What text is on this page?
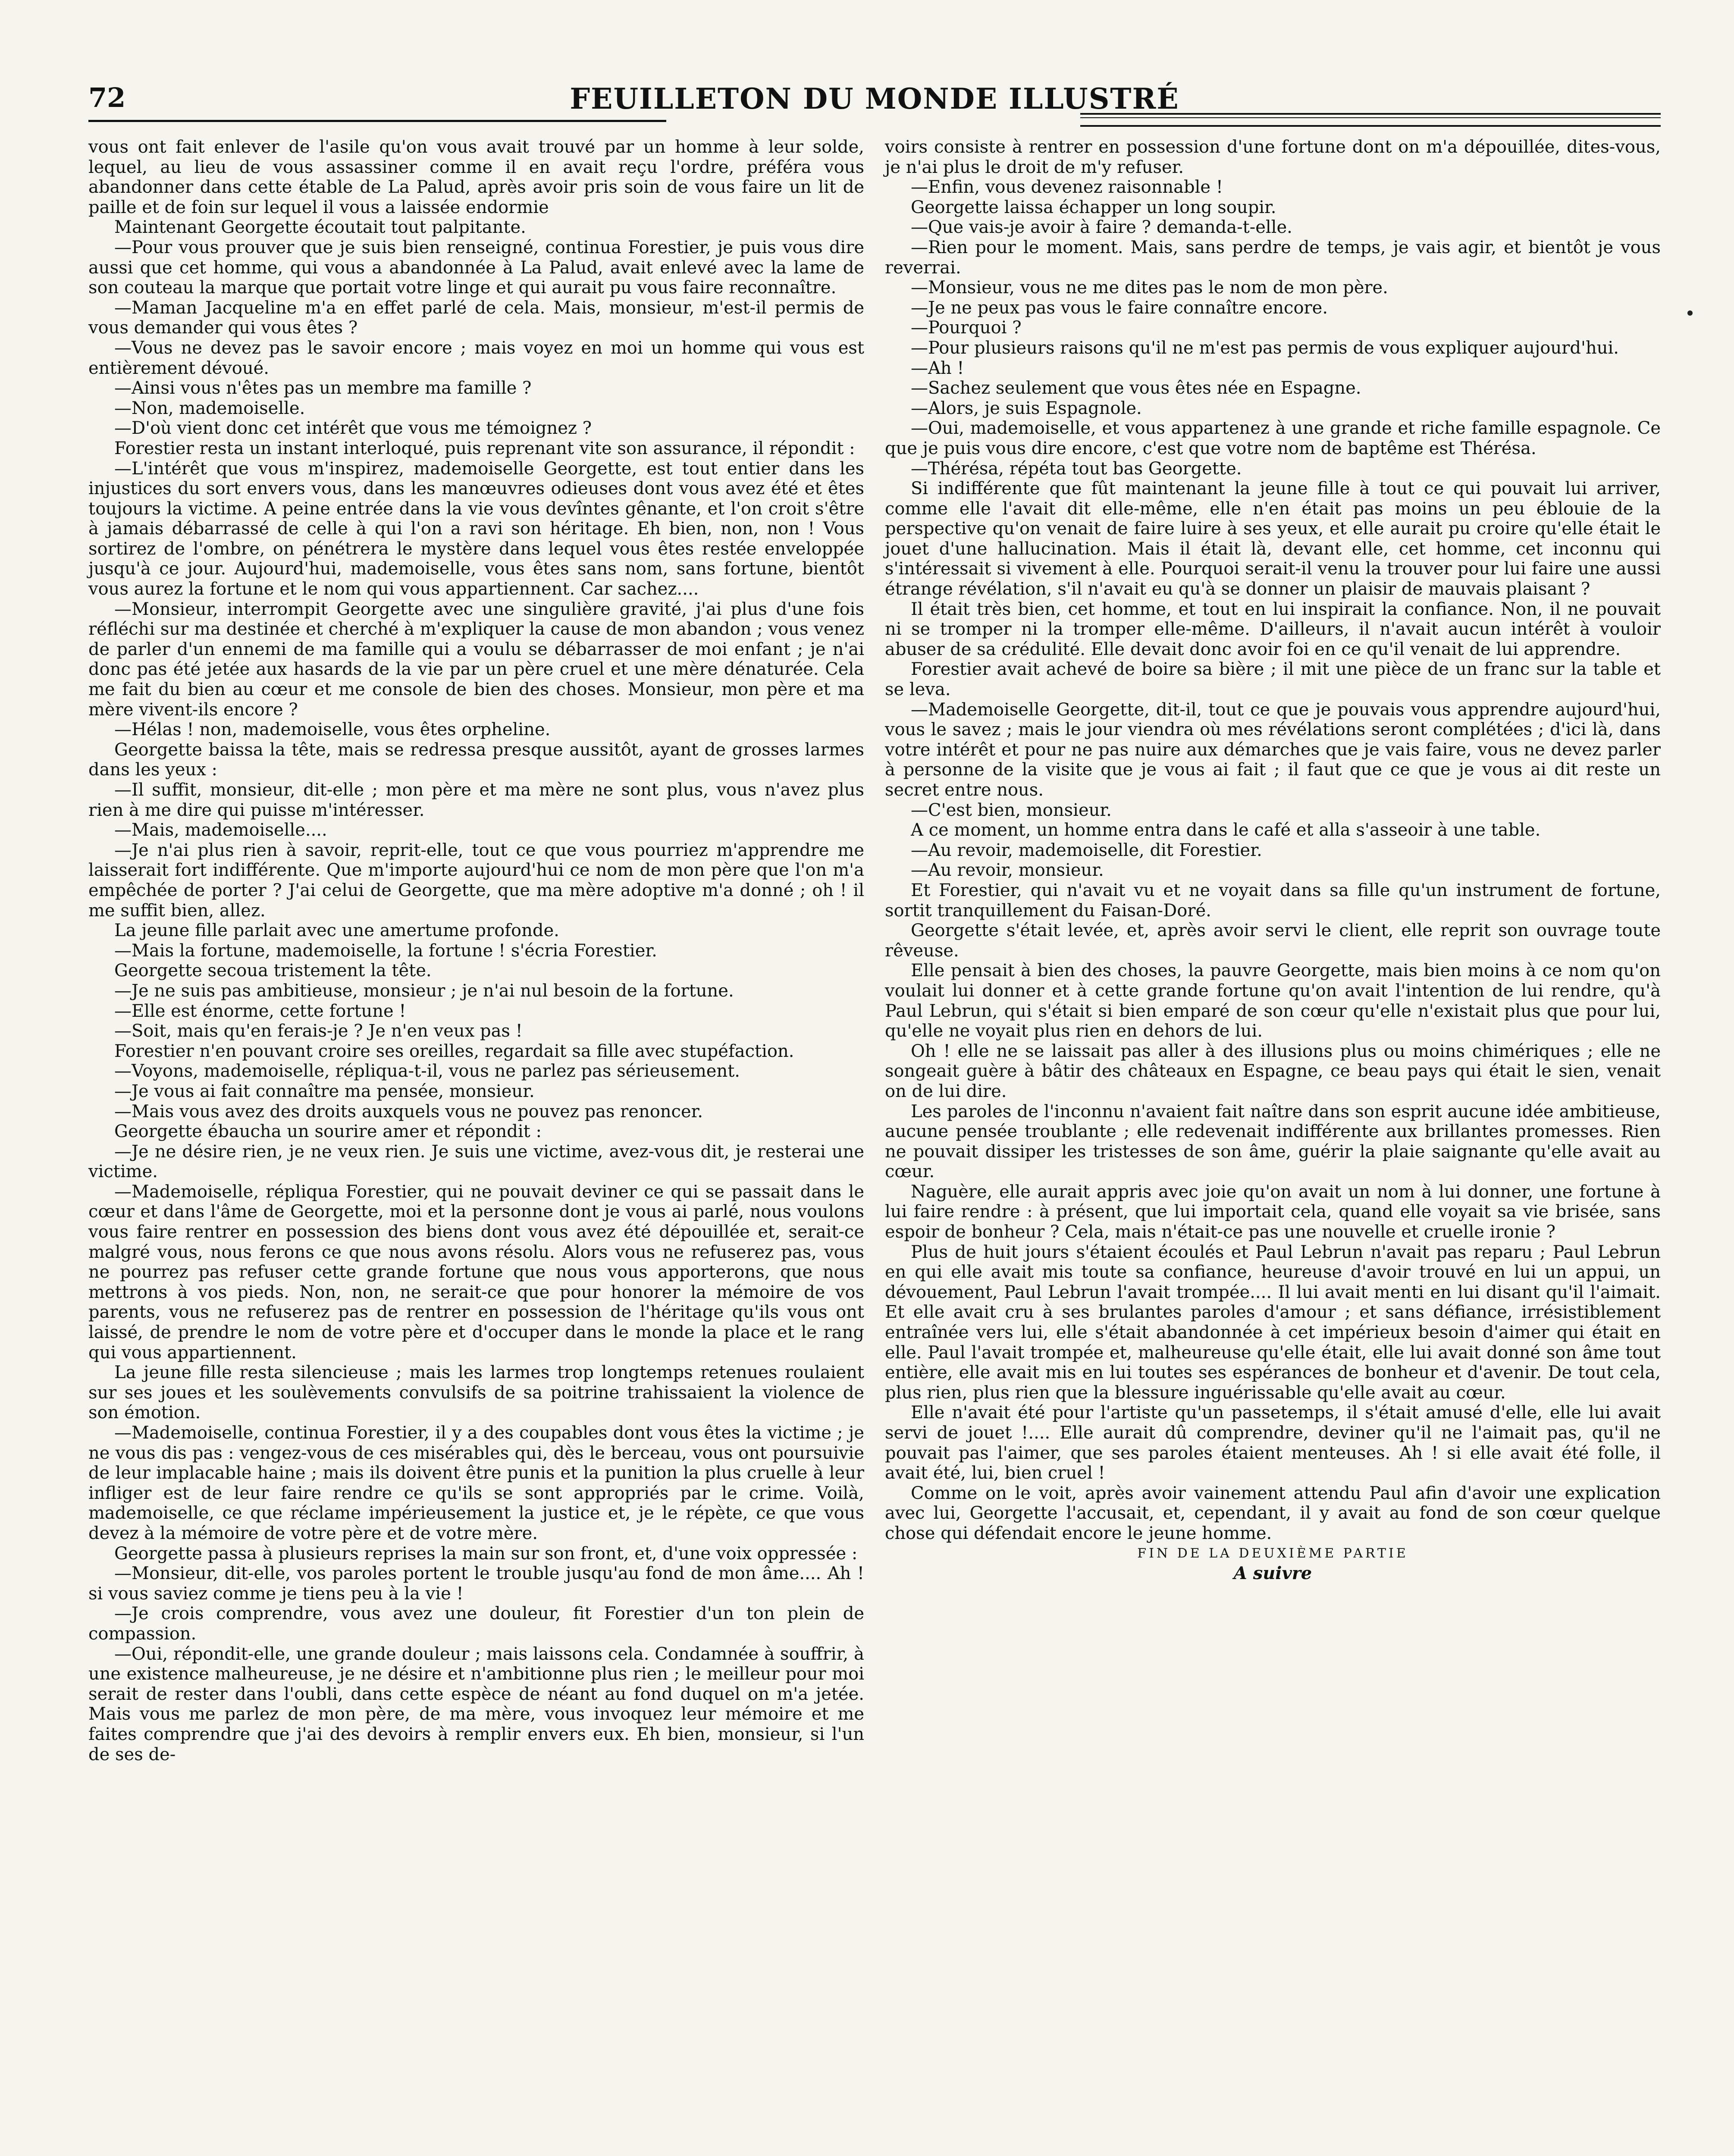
72	FEUILLETON DU MONDE ILLUSTRÉ

vous ont fait enlever de l'asile qu'on vous avait trouvé par un homme à leur solde, lequel, au lieu de vous assassiner comme il en avait reçu l'ordre, préféra vous abandonner dans cette étable de La Palud, après avoir pris soin de vous faire un lit de paille et de foin sur lequel il vous a laissée endormie

Maintenant Georgette écoutait tout palpitante.

—Pour vous prouver que je suis bien renseigné, continua Forestier, je puis vous dire aussi que cet homme, qui vous a abandonnée à La Palud, avait enlevé avec la lame de son couteau la marque que portait votre linge et qui aurait pu vous faire reconnaître.

—Maman Jacqueline m'a en effet parlé de cela. Mais, monsieur, m'est-il permis de vous demander qui vous êtes ?

—Vous ne devez pas le savoir encore ; mais voyez en moi un homme qui vous est entièrement dévoué.

—Ainsi vous n'êtes pas un membre ma famille ?

—Non, mademoiselle.

—D'où vient donc cet intérêt que vous me témoignez ?

Forestier resta un instant interloqué, puis reprenant vite son assurance, il répondit :

—L'intérêt que vous m'inspirez, mademoiselle Georgette, est tout entier dans les injustices du sort envers vous, dans les manœuvres odieuses dont vous avez été et êtes toujours la victime. A peine entrée dans la vie vous devîntes gênante, et l'on croit s'être à jamais débarrassé de celle à qui l'on a ravi son héritage. Eh bien, non, non ! Vous sortirez de l'ombre, on pénétrera le mystère dans lequel vous êtes restée enveloppée jusqu'à ce jour. Aujourd'hui, mademoiselle, vous êtes sans nom, sans fortune, bientôt vous aurez la fortune et le nom qui vous appartiennent. Car sachez....

—Monsieur, interrompit Georgette avec une singulière gravité, j'ai plus d'une fois réfléchi sur ma destinée et cherché à m'expliquer la cause de mon abandon ; vous venez de parler d'un ennemi de ma famille qui a voulu se débarrasser de moi enfant ; je n'ai donc pas été jetée aux hasards de la vie par un père cruel et une mère dénaturée. Cela me fait du bien au cœur et me console de bien des choses. Monsieur, mon père et ma mère vivent-ils encore ?

—Hélas ! non, mademoiselle, vous êtes orpheline.

Georgette baissa la tête, mais se redressa presque aussitôt, ayant de grosses larmes dans les yeux :

—Il suffit, monsieur, dit-elle ; mon père et ma mère ne sont plus, vous n'avez plus rien à me dire qui puisse m'intéresser.

—Mais, mademoiselle....

—Je n'ai plus rien à savoir, reprit-elle, tout ce que vous pourriez m'apprendre me laisserait fort indifférente. Que m'importe aujourd'hui ce nom de mon père que l'on m'a empêchée de porter ? J'ai celui de Georgette, que ma mère adoptive m'a donné ; oh ! il me suffit bien, allez.

La jeune fille parlait avec une amertume profonde.

—Mais la fortune, mademoiselle, la fortune ! s'écria Forestier.

Georgette secoua tristement la tête.

—Je ne suis pas ambitieuse, monsieur ; je n'ai nul besoin de la fortune.

—Elle est énorme, cette fortune !

—Soit, mais qu'en ferais-je ? Je n'en veux pas !

Forestier n'en pouvant croire ses oreilles, regardait sa fille avec stupéfaction.

—Voyons, mademoiselle, répliqua-t-il, vous ne parlez pas sérieusement.

—Je vous ai fait connaître ma pensée, monsieur.

—Mais vous avez des droits auxquels vous ne pouvez pas renoncer.

Georgette ébaucha un sourire amer et répondit :

—Je ne désire rien, je ne veux rien. Je suis une victime, avez-vous dit, je resterai une victime.

—Mademoiselle, répliqua Forestier, qui ne pouvait deviner ce qui se passait dans le cœur et dans l'âme de Georgette, moi et la personne dont je vous ai parlé, nous voulons vous faire rentrer en possession des biens dont vous avez été dépouillée et, serait-ce malgré vous, nous ferons ce que nous avons résolu. Alors vous ne refuserez pas, vous ne pourrez pas refuser cette grande fortune que nous vous apporterons, que nous mettrons à vos pieds. Non, non, ne serait-ce que pour honorer la mémoire de vos parents, vous ne refuserez pas de rentrer en possession de l'héritage qu'ils vous ont laissé, de prendre le nom de votre père et d'occuper dans le monde la place et le rang qui vous appartiennent.

La jeune fille resta silencieuse ; mais les larmes trop longtemps retenues roulaient sur ses joues et les soulèvements convulsifs de sa poitrine trahissaient la violence de son émotion.

—Mademoiselle, continua Forestier, il y a des coupables dont vous êtes la victime ; je ne vous dis pas : vengez-vous de ces misérables qui, dès le berceau, vous ont poursuivie de leur implacable haine ; mais ils doivent être punis et la punition la plus cruelle à leur infliger est de leur faire rendre ce qu'ils se sont appropriés par le crime. Voilà, mademoiselle, ce que réclame impérieusement la justice et, je le répète, ce que vous devez à la mémoire de votre père et de votre mère.

Georgette passa à plusieurs reprises la main sur son front, et, d'une voix oppressée :

—Monsieur, dit-elle, vos paroles portent le trouble jusqu'au fond de mon âme.... Ah ! si vous saviez comme je tiens peu à la vie !

—Je crois comprendre, vous avez une douleur, fit Forestier d'un ton plein de compassion.

—Oui, répondit-elle, une grande douleur ; mais laissons cela. Condamnée à souffrir, à une existence malheureuse, je ne désire et n'ambitionne plus rien ; le meilleur pour moi serait de rester dans l'oubli, dans cette espèce de néant au fond duquel on m'a jetée. Mais vous me parlez de mon père, de ma mère, vous invoquez leur mémoire et me faites comprendre que j'ai des devoirs à remplir envers eux. Eh bien, monsieur, si l'un de ses de-

voirs consiste à rentrer en possession d'une fortune dont on m'a dépouillée, dites-vous, je n'ai plus le droit de m'y refuser.

—Enfin, vous devenez raisonnable !

Georgette laissa échapper un long soupir.

—Que vais-je avoir à faire ? demanda-t-elle.

—Rien pour le moment. Mais, sans perdre de temps, je vais agir, et bientôt je vous reverrai.

—Monsieur, vous ne me dites pas le nom de mon père.

—Je ne peux pas vous le faire connaître encore.

—Pourquoi ?

—Pour plusieurs raisons qu'il ne m'est pas permis de vous expliquer aujourd'hui.

—Ah !

—Sachez seulement que vous êtes née en Espagne.

—Alors, je suis Espagnole.

—Oui, mademoiselle, et vous appartenez à une grande et riche famille espagnole. Ce que je puis vous dire encore, c'est que votre nom de baptême est Thérésa.

—Thérésa, répéta tout bas Georgette.

Si indifférente que fût maintenant la jeune fille à tout ce qui pouvait lui arriver, comme elle l'avait dit elle-même, elle n'en était pas moins un peu éblouie de la perspective qu'on venait de faire luire à ses yeux, et elle aurait pu croire qu'elle était le jouet d'une hallucination. Mais il était là, devant elle, cet homme, cet inconnu qui s'intéressait si vivement à elle. Pourquoi serait-il venu la trouver pour lui faire une aussi étrange révélation, s'il n'avait eu qu'à se donner un plaisir de mauvais plaisant ?

Il était très bien, cet homme, et tout en lui inspirait la confiance. Non, il ne pouvait ni se tromper ni la tromper elle-même. D'ailleurs, il n'avait aucun intérêt à vouloir abuser de sa crédulité. Elle devait donc avoir foi en ce qu'il venait de lui apprendre.

Forestier avait achevé de boire sa bière ; il mit une pièce de un franc sur la table et se leva.

—Mademoiselle Georgette, dit-il, tout ce que je pouvais vous apprendre aujourd'hui, vous le savez ; mais le jour viendra où mes révélations seront complétées ; d'ici là, dans votre intérêt et pour ne pas nuire aux démarches que je vais faire, vous ne devez parler à personne de la visite que je vous ai fait ; il faut que ce que je vous ai dit reste un secret entre nous.

—C'est bien, monsieur.

A ce moment, un homme entra dans le café et alla s'asseoir à une table.

—Au revoir, mademoiselle, dit Forestier.

—Au revoir, monsieur.

Et Forestier, qui n'avait vu et ne voyait dans sa fille qu'un instrument de fortune, sortit tranquillement du Faisan-Doré.

Georgette s'était levée, et, après avoir servi le client, elle reprit son ouvrage toute rêveuse.

Elle pensait à bien des choses, la pauvre Georgette, mais bien moins à ce nom qu'on voulait lui donner et à cette grande fortune qu'on avait l'intention de lui rendre, qu'à Paul Lebrun, qui s'était si bien emparé de son cœur qu'elle n'existait plus que pour lui, qu'elle ne voyait plus rien en dehors de lui.

Oh ! elle ne se laissait pas aller à des illusions plus ou moins chimériques ; elle ne songeait guère à bâtir des châteaux en Espagne, ce beau pays qui était le sien, venait on de lui dire.

Les paroles de l'inconnu n'avaient fait naître dans son esprit aucune idée ambitieuse, aucune pensée troublante ; elle redevenait indifférente aux brillantes promesses. Rien ne pouvait dissiper les tristesses de son âme, guérir la plaie saignante qu'elle avait au cœur.

Naguère, elle aurait appris avec joie qu'on avait un nom à lui donner, une fortune à lui faire rendre : à présent, que lui importait cela, quand elle voyait sa vie brisée, sans espoir de bonheur ? Cela, mais n'était-ce pas une nouvelle et cruelle ironie ?

Plus de huit jours s'étaient écoulés et Paul Lebrun n'avait pas reparu ; Paul Lebrun en qui elle avait mis toute sa confiance, heureuse d'avoir trouvé en lui un appui, un dévouement, Paul Lebrun l'avait trompée.... Il lui avait menti en lui disant qu'il l'aimait. Et elle avait cru à ses brulantes paroles d'amour ; et sans défiance, irrésistiblement entraînée vers lui, elle s'était abandonnée à cet impérieux besoin d'aimer qui était en elle. Paul l'avait trompée et, malheureuse qu'elle était, elle lui avait donné son âme tout entière, elle avait mis en lui toutes ses espérances de bonheur et d'avenir. De tout cela, plus rien, plus rien que la blessure inguérissable qu'elle avait au cœur.

Elle n'avait été pour l'artiste qu'un passetemps, il s'était amusé d'elle, elle lui avait servi de jouet !.... Elle aurait dû comprendre, deviner qu'il ne l'aimait pas, qu'il ne pouvait pas l'aimer, que ses paroles étaient menteuses. Ah ! si elle avait été folle, il avait été, lui, bien cruel !

Comme on le voit, après avoir vainement attendu Paul afin d'avoir une explication avec lui, Georgette l'accusait, et, cependant, il y avait au fond de son cœur quelque chose qui défendait encore le jeune homme.

FIN DE LA DEUXIÈME PARTIE

A suivre
